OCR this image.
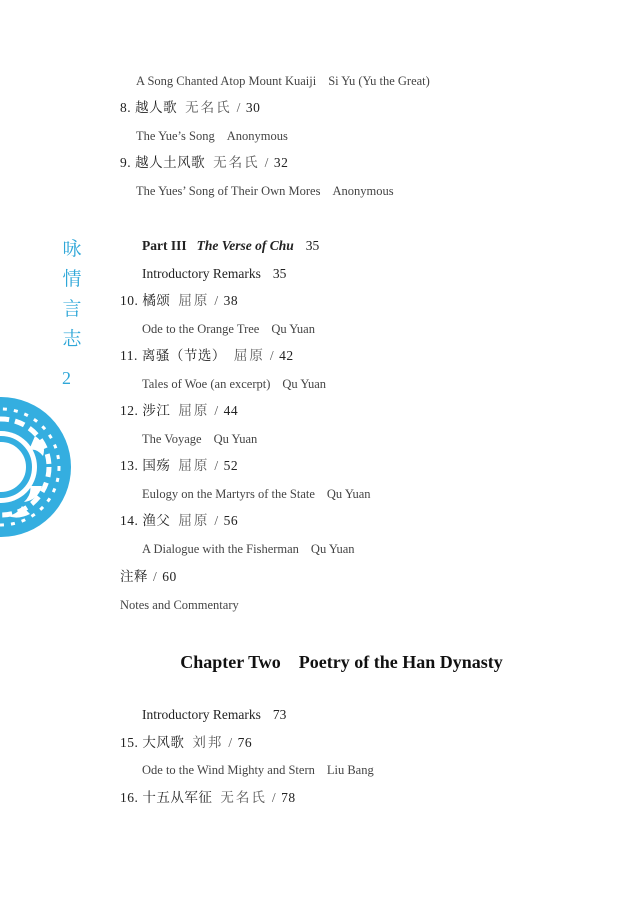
咏情言志
2
A Song Chanted Atop Mount Kuaiji Si Yu (Yu the Great)
8. 越人歌 无名氏 / 30
The Yue’s Song Anonymous
9. 越人土风歌 无名氏 / 32
The Yues’ Song of Their Own Mores Anonymous
Part III The Verse of Chu 35
Introductory Remarks 35
10. 橘颂 屈原 / 38
Ode to the Orange Tree Qu Yuan
11. 离骚（节选） 屈原 / 42
Tales of Woe (an excerpt) Qu Yuan
12. 涉江 屈原 / 44
The Voyage Qu Yuan
13. 国殇 屈原 / 52
Eulogy on the Martyrs of the State Qu Yuan
14. 渔父 屈原 / 56
A Dialogue with the Fisherman Qu Yuan
注释 / 60
Notes and Commentary
Chapter Two    Poetry of the Han Dynasty
Introductory Remarks 73
15. 大风歌 刘邦 / 76
Ode to the Wind Mighty and Stern Liu Bang
16. 十五从军征 无名氏 / 78
